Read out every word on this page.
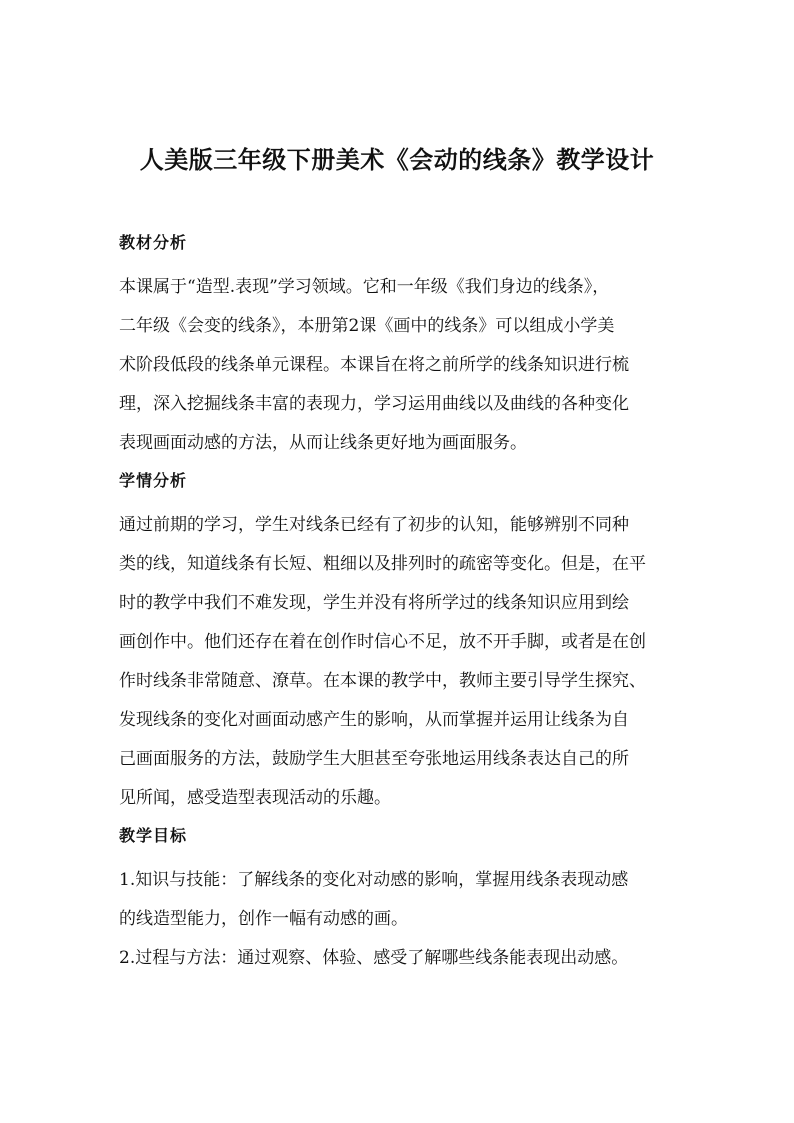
人美版三年级下册美术《会动的线条》教学设计
教材分析
本课属于“造型.表现”学习领域。它和一年级《我们身边的线条》，
二年级《会变的线条》，本册第2课《画中的线条》可以组成小学美
术阶段低段的线条单元课程。本课旨在将之前所学的线条知识进行梳
理，深入挖掘线条丰富的表现力，学习运用曲线以及曲线的各种变化
表现画面动感的方法，从而让线条更好地为画面服务。
学情分析
通过前期的学习，学生对线条已经有了初步的认知，能够辨别不同种
类的线，知道线条有长短、粗细以及排列时的疏密等变化。但是，在平
时的教学中我们不难发现，学生并没有将所学过的线条知识应用到绘
画创作中。他们还存在着在创作时信心不足，放不开手脚，或者是在创
作时线条非常随意、潦草。在本课的教学中，教师主要引导学生探究、
发现线条的变化对画面动感产生的影响，从而掌握并运用让线条为自
己画面服务的方法，鼓励学生大胆甚至夸张地运用线条表达自己的所
见所闻，感受造型表现活动的乐趣。
教学目标
1.知识与技能：了解线条的变化对动感的影响，掌握用线条表现动感
的线造型能力，创作一幅有动感的画。
2.过程与方法：通过观察、体验、感受了解哪些线条能表现出动感。
